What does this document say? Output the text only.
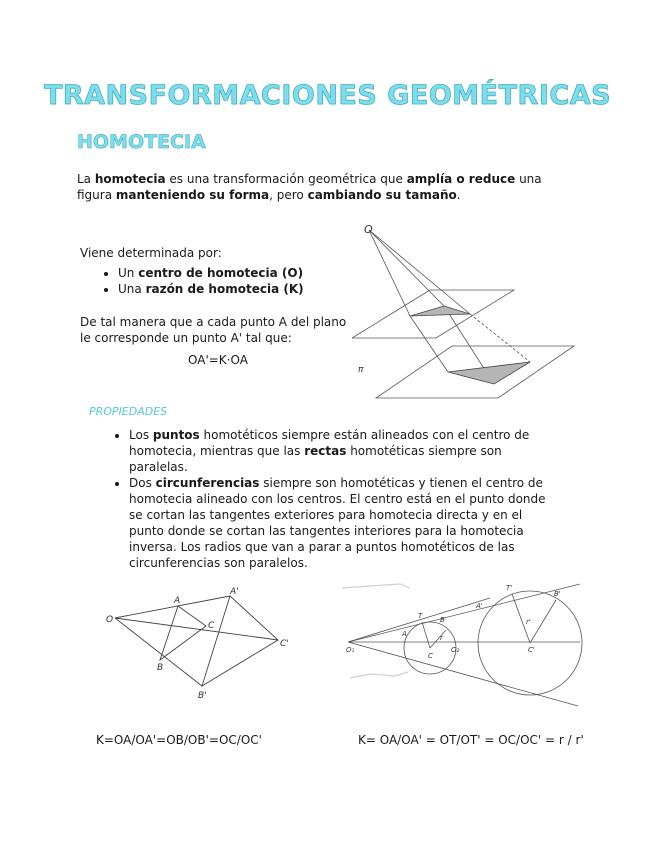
TRANSFORMACIONES GEOMÉTRICAS
HOMOTECIA
La homotecia es una transformación geométrica que amplía o reduce una figura manteniendo su forma, pero cambiando su tamaño.
Viene determinada por:
• Un centro de homotecia (O)
• Una razón de homotecia (K)
De tal manera que a cada punto A del plano le corresponde un punto A' tal que:
OA'=K·OA
O
π
PROPIEDADES
• Los puntos homotéticos siempre están alineados con el centro de homotecia, mientras que las rectas homotéticas siempre son paralelas.
• Dos circunferencias siempre son homotéticas y tienen el centro de homotecia alineado con los centros. El centro está en el punto donde se cortan las tangentes exteriores para homotecia directa y en el punto donde se cortan las tangentes interiores para la homotecia inversa. Los radios que van a parar a puntos homotéticos de las circunferencias son paralelos.
O
A
C
B
A'
C'
B'
O₁	O₂
A
B
C
T
T'
A'
B'
C'
r
r'
K=OA/OA'=OB/OB'=OC/OC'	K= OA/OA' = OT/OT' = OC/OC' = r / r'
